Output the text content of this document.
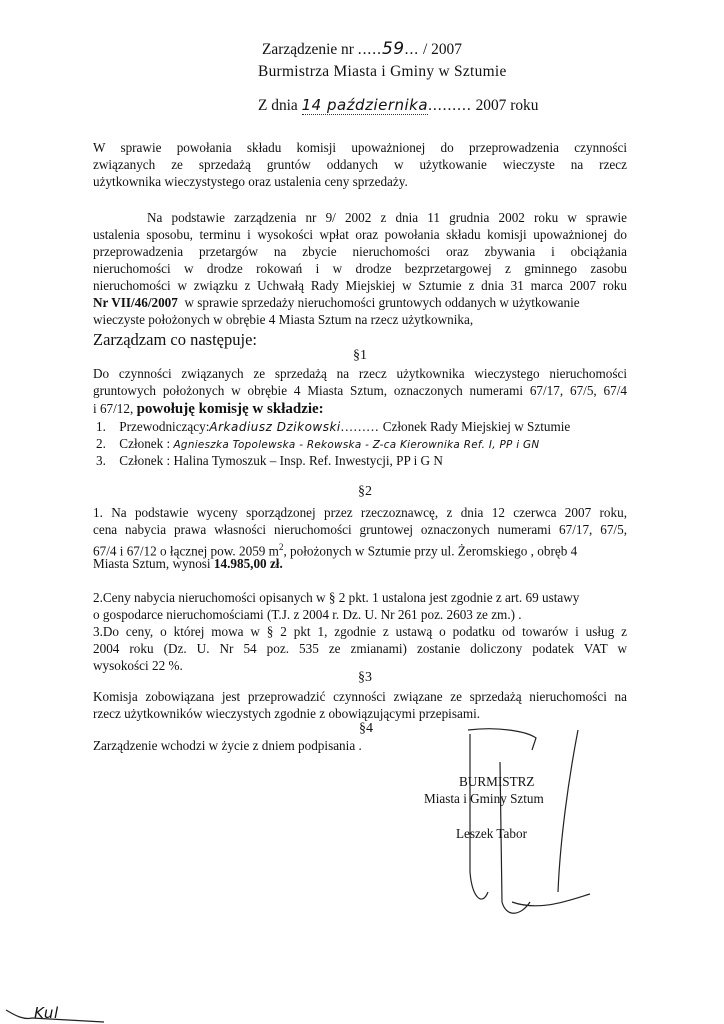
Zarządzenie nr .....59... / 2007
Burmistrza Miasta i Gminy w Sztumie
Z dnia 14 października......... 2007 roku
W sprawie powołania składu komisji upoważnionej do przeprowadzenia czynności
związanych ze sprzedażą gruntów oddanych w użytkowanie wieczyste na rzecz
użytkownika wieczystystego oraz ustalenia ceny sprzedaży.
Na podstawie zarządzenia nr 9/ 2002 z dnia 11 grudnia 2002 roku w sprawie
ustalenia sposobu, terminu i wysokości wpłat oraz powołania składu komisji upoważnionej do
przeprowadzenia przetargów na zbycie nieruchomości oraz zbywania i obciążania
nieruchomości w drodze rokowań i w drodze bezprzetargowej z gminnego zasobu
nieruchomości w związku z Uchwałą Rady Miejskiej w Sztumie z dnia 31 marca 2007 roku
Nr VII/46/2007  w sprawie sprzedaży nieruchomości gruntowych oddanych w użytkowanie
wieczyste położonych w obrębie 4 Miasta Sztum na rzecz użytkownika,
Zarządzam co następuje:
§1
Do czynności związanych ze sprzedażą na rzecz użytkownika wieczystego nieruchomości
gruntowych położonych w obrębie 4 Miasta Sztum, oznaczonych numerami 67/17, 67/5, 67/4
i 67/12, powołuję komisję w składzie:
1. Przewodniczący:Arkadiusz Dzikowski......... Członek Rady Miejskiej w Sztumie
2. Członek : Agnieszka Topolewska - Rekowska - Z-ca Kierownika Ref. I, PP i GN
3. Członek : Halina Tymoszuk – Insp. Ref. Inwestycji, PP i G N
§2
1. Na podstawie wyceny sporządzonej przez rzeczoznawcę, z dnia 12 czerwca 2007 roku,
cena nabycia prawa własności nieruchomości gruntowej oznaczonych numerami 67/17, 67/5,
67/4 i 67/12 o łącznej pow. 2059 $m^2$, położonych w Sztumie przy ul. Żeromskiego , obręb 4
Miasta Sztum, wynosi 14.985,00 zł.
2.Ceny nabycia nieruchomości opisanych w § 2 pkt. 1 ustalona jest zgodnie z art. 69 ustawy
o gospodarce nieruchomościami (T.J. z 2004 r. Dz. U. Nr 261 poz. 2603 ze zm.) .
3.Do ceny, o której mowa w § 2 pkt 1, zgodnie z ustawą o podatku od towarów i usług z
2004 roku (Dz. U. Nr 54 poz. 535 ze zmianami) zostanie doliczony podatek VAT w
wysokości 22 %.
§3
Komisja zobowiązana jest przeprowadzić czynności związane ze sprzedażą nieruchomości na
rzecz użytkowników wieczystych zgodnie z obowiązującymi przepisami.
§4
Zarządzenie wchodzi w życie z dniem podpisania .
BURMISTRZ
Miasta i Gminy Sztum
Leszek Tabor
Kul
